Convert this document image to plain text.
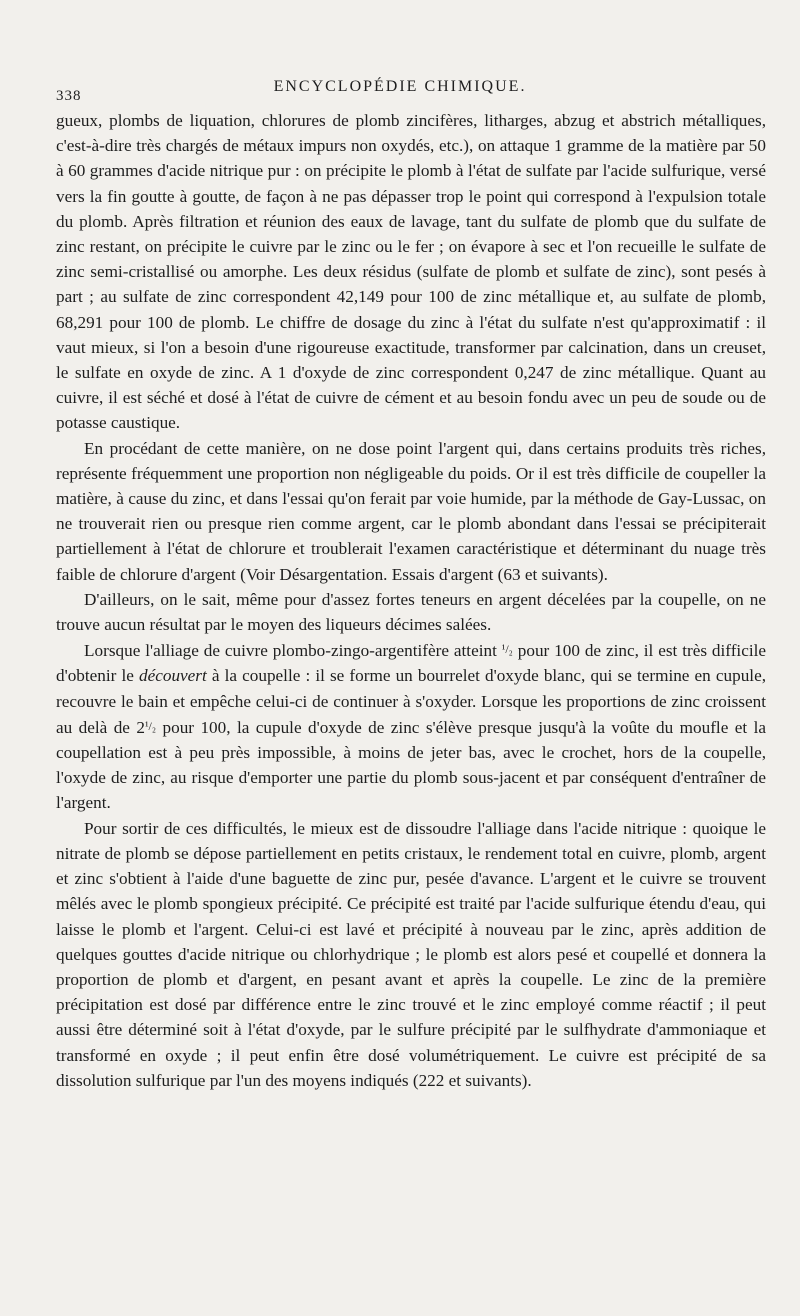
338
ENCYCLOPÉDIE CHIMIQUE.

gueux, plombs de liquation, chlorures de plomb zincifères, litharges, abzug et abstrich métalliques, c'est-à-dire très chargés de métaux impurs non oxydés, etc.), on attaque 1 gramme de la matière par 50 à 60 grammes d'acide nitrique pur : on précipite le plomb à l'état de sulfate par l'acide sulfurique, versé vers la fin goutte à goutte, de façon à ne pas dépasser trop le point qui correspond à l'expulsion totale du plomb. Après filtration et réunion des eaux de lavage, tant du sulfate de plomb que du sulfate de zinc restant, on précipite le cuivre par le zinc ou le fer ; on évapore à sec et l'on recueille le sulfate de zinc semi-cristallisé ou amorphe. Les deux résidus (sulfate de plomb et sulfate de zinc), sont pesés à part ; au sulfate de zinc correspondent 42,149 pour 100 de zinc métallique et, au sulfate de plomb, 68,291 pour 100 de plomb. Le chiffre de dosage du zinc à l'état du sulfate n'est qu'approximatif : il vaut mieux, si l'on a besoin d'une rigoureuse exactitude, transformer par calcination, dans un creuset, le sulfate en oxyde de zinc. A 1 d'oxyde de zinc correspondent 0,247 de zinc métallique. Quant au cuivre, il est séché et dosé à l'état de cuivre de cément et au besoin fondu avec un peu de soude ou de potasse caustique.

En procédant de cette manière, on ne dose point l'argent qui, dans certains produits très riches, représente fréquemment une proportion non négligeable du poids. Or il est très difficile de coupeller la matière, à cause du zinc, et dans l'essai qu'on ferait par voie humide, par la méthode de Gay-Lussac, on ne trouverait rien ou presque rien comme argent, car le plomb abondant dans l'essai se précipiterait partiellement à l'état de chlorure et troublerait l'examen caractéristique et déterminant du nuage très faible de chlorure d'argent (Voir Désargentation. Essais d'argent (63 et suivants).

D'ailleurs, on le sait, même pour d'assez fortes teneurs en argent décelées par la coupelle, on ne trouve aucun résultat par le moyen des liqueurs décimes salées.

Lorsque l'alliage de cuivre plombo-zingo-argentifère atteint ¹/₂ pour 100 de zinc, il est très difficile d'obtenir le découvert à la coupelle : il se forme un bourrelet d'oxyde blanc, qui se termine en cupule, recouvre le bain et empêche celui-ci de continuer à s'oxyder. Lorsque les proportions de zinc croissent au delà de 2¹/₂ pour 100, la cupule d'oxyde de zinc s'élève presque jusqu'à la voûte du moufle et la coupellation est à peu près impossible, à moins de jeter bas, avec le crochet, hors de la coupelle, l'oxyde de zinc, au risque d'emporter une partie du plomb sous-jacent et par conséquent d'entraîner de l'argent.

Pour sortir de ces difficultés, le mieux est de dissoudre l'alliage dans l'acide nitrique : quoique le nitrate de plomb se dépose partiellement en petits cristaux, le rendement total en cuivre, plomb, argent et zinc s'obtient à l'aide d'une baguette de zinc pur, pesée d'avance. L'argent et le cuivre se trouvent mêlés avec le plomb spongieux précipité. Ce précipité est traité par l'acide sulfurique étendu d'eau, qui laisse le plomb et l'argent. Celui-ci est lavé et précipité à nouveau par le zinc, après addition de quelques gouttes d'acide nitrique ou chlorhydrique ; le plomb est alors pesé et coupellé et donnera la proportion de plomb et d'argent, en pesant avant et après la coupelle. Le zinc de la première précipitation est dosé par différence entre le zinc trouvé et le zinc employé comme réactif ; il peut aussi être déterminé soit à l'état d'oxyde, par le sulfure précipité par le sulfhydrate d'ammoniaque et transformé en oxyde ; il peut enfin être dosé volumétriquement. Le cuivre est précipité de sa dissolution sulfurique par l'un des moyens indiqués (222 et suivants).
